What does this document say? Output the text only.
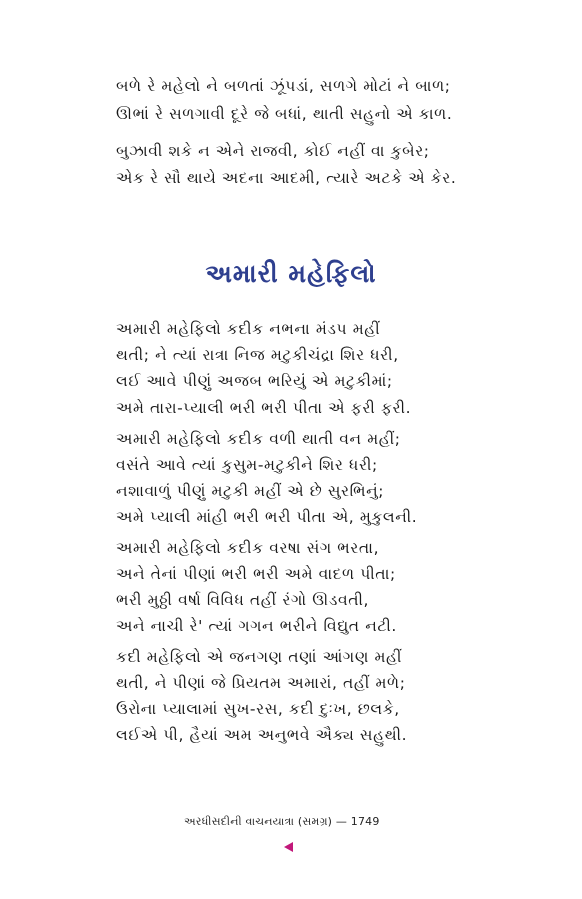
બળે રે મહેલો ને બળતાં ઝૂંપડાં, સળગે મોટાં ને બાળ;
ઊભાં રે સળગાવી દૂરે જે બધાં, થાતી સહુનો એ કાળ.
બુઝાવી શકે ન એને રાજવી, કોઈ નહીં વા કુબેર;
એક રે સૌ થાયે અદના આદમી, ત્યારે અટકે એ કેર.
અમારી મહેફિલો
અમારી મહેફિલો કદીક નભના મંડપ મહીં
થતી; ને ત્યાં રાત્રા નિજ મટુકીચંદ્રા શિર ધરી,
લઈ આવે પીણું અજબ ભરિયું એ મટુકીમાં;
અમે તારા-પ્યાલી ભરી ભરી પીતા એ ફરી ફરી.
અમારી મહેફિલો કદીક વળી થાતી વન મહીં;
વસંતે આવે ત્યાં કુસુમ-મટુકીને શિર ધરી;
નશાવાળું પીણું મટુકી મહીં એ છે સુરભિનું;
અમે પ્યાલી માંહી ભરી ભરી પીતા એ, મુકુલની.
અમારી મહેફિલો કદીક વરષા સંગ ભરતા,
અને તેનાં પીણાં ભરી ભરી અમે વાદળ પીતા;
ભરી મુઠ્ઠી વર્ષા વિવિધ તહીં રંગો ઊડવતી,
અને નાચી રે' ત્યાં ગગન ભરીને વિદ્યુત નટી.
કદી મહેફિલો એ જનગણ તણાં આંગણ મહીં
થતી, ને પીણાં જે પ્રિયતમ અમારાં, તહીં મળે;
ઉરોના પ્યાલામાં સુખ-રસ, કદી દુઃખ, છલકે,
લઈએ પી, હૈયાં અમ અનુભવે ઐક્ય સહુથી.
અરધીસદીની વાચનયાત્રા (સમગ્ર) — 1749
